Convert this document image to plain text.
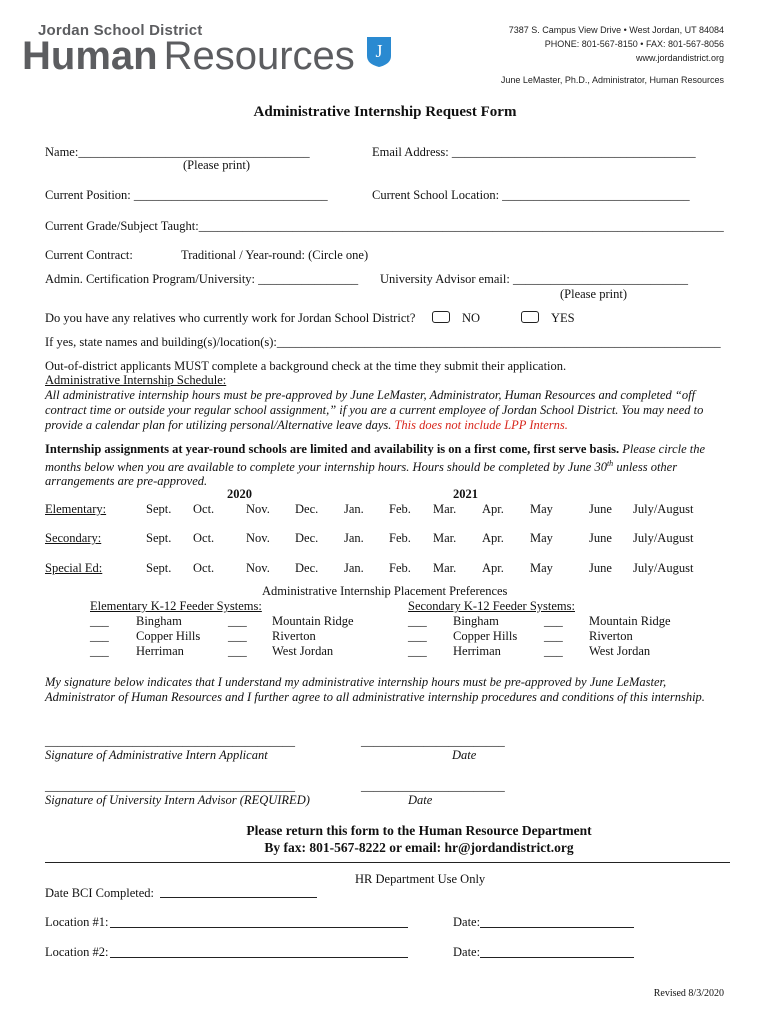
Jordan School District
Human Resources J
7387 S. Campus View Drive • West Jordan, UT 84084
PHONE: 801-567-8150 • FAX: 801-567-8056
www.jordandistrict.org
June LeMaster, Ph.D., Administrator, Human Resources
Administrative Internship Request Form
Name:_____________________________________
(Please print)
Email Address: _______________________________________
Current Position: _______________________________	Current School Location: ______________________________
Current Grade/Subject Taught:____________________________________________________________________________________
Current Contract:	Traditional / Year-round: (Circle one)
Admin. Certification Program/University: ________________ University Advisor email: ____________________________
(Please print)
Do you have any relatives who currently work for Jordan School District?	NO	YES
If yes, state names and building(s)/location(s):_______________________________________________________________________
Out-of-district applicants MUST complete a background check at the time they submit their application.
Administrative Internship Schedule:
All administrative internship hours must be pre-approved by June LeMaster, Administrator, Human Resources and completed “off
contract time or outside your regular school assignment,” if you are a current employee of Jordan School District. You may need to
provide a calendar plan for utilizing personal/Alternative leave days. This does not include LPP Interns.
Internship assignments at year-round schools are limited and availability is on a first come, first serve basis. Please circle the months below when you are available to complete your internship hours. Hours should be completed by June 30th unless other arrangements are pre-approved.
2020	2021
Elementary:	Sept. Oct.	Nov. Dec. Jan. Feb. Mar. Apr. May	June July/August
Secondary:	Sept. Oct.	Nov. Dec. Jan. Feb. Mar. Apr. May	June July/August
Special Ed:	Sept. Oct.	Nov. Dec. Jan. Feb. Mar. Apr. May	June July/August
Administrative Internship Placement Preferences
Elementary K-12 Feeder Systems:	Secondary K-12 Feeder Systems:
___ Bingham
___ Copper Hills
___ Herriman
___ Mountain Ridge
___ Riverton
___ West Jordan
___ Bingham
___ Copper Hills
___ Herriman
___ Mountain Ridge
___ Riverton
___ West Jordan
My signature below indicates that I understand my administrative internship hours must be pre-approved by June LeMaster,
Administrator of Human Resources and I further agree to all administrative internship procedures and conditions of this internship.
________________________________________
Signature of Administrative Intern Applicant
_______________________
Date
________________________________________
Signature of University Intern Advisor (REQUIRED)
_______________________
Date
Please return this form to the Human Resource Department
By fax: 801-567-8222 or email: hr@jordandistrict.org
HR Department Use Only
Date BCI Completed:
Location #1:	Date:
Location #2:	Date:
Revised 8/3/2020
